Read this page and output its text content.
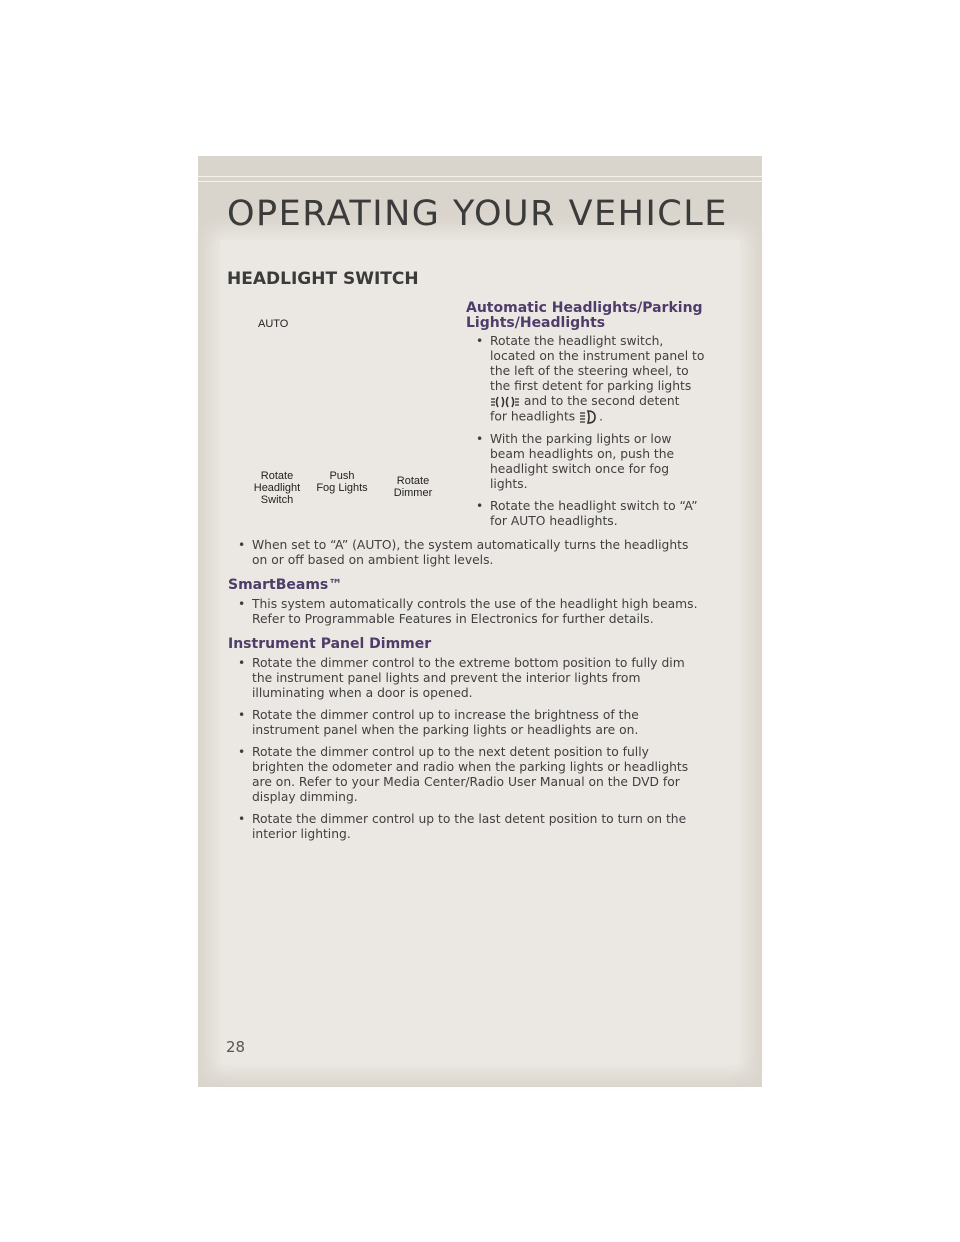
OPERATING YOUR VEHICLE
HEADLIGHT SWITCH
AUTO
Rotate
Headlight
Switch
Push
Fog Lights
Rotate
Dimmer
Automatic Headlights/Parking
Lights/Headlights
• Rotate the headlight switch,
located on the instrument panel to
the left of the steering wheel, to
the first detent for parking lights
and to the second detent
for headlights .
• With the parking lights or low
beam headlights on, push the
headlight switch once for fog
lights.
• Rotate the headlight switch to “A”
for AUTO headlights.
• When set to “A” (AUTO), the system automatically turns the headlights
on or off based on ambient light levels.
SmartBeams™
• This system automatically controls the use of the headlight high beams.
Refer to Programmable Features in Electronics for further details.
Instrument Panel Dimmer
• Rotate the dimmer control to the extreme bottom position to fully dim
the instrument panel lights and prevent the interior lights from
illuminating when a door is opened.
• Rotate the dimmer control up to increase the brightness of the
instrument panel when the parking lights or headlights are on.
• Rotate the dimmer control up to the next detent position to fully
brighten the odometer and radio when the parking lights or headlights
are on. Refer to your Media Center/Radio User Manual on the DVD for
display dimming.
• Rotate the dimmer control up to the last detent position to turn on the
interior lighting.
28
